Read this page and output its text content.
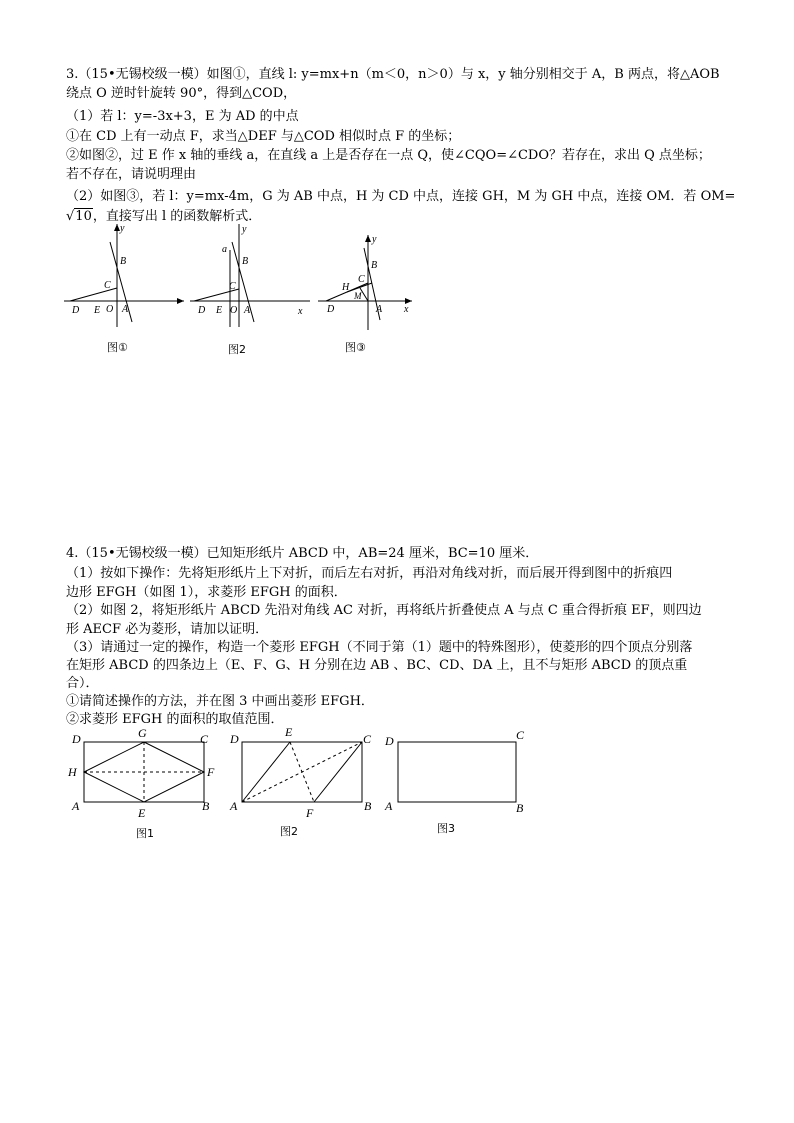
3.（15•无锡校级一模）如图①，直线 l: y=mx+n（m＜0，n＞0）与 x，y 轴分别相交于 A，B 两点，将△AOB
绕点 O 逆时针旋转 90°，得到△COD，
（1）若 l：y=-3x+3，E 为 AD 的中点
①在 CD 上有一动点 F，求当△DEF 与△COD 相似时点 F 的坐标；
②如图②，过 E 作 x 轴的垂线 a，在直线 a 上是否存在一点 Q，使∠CQO=∠CDO？若存在，求出 Q 点坐标；
若不存在，请说明理由
（2）如图③，若 l：y=mx-4m，G 为 AB 中点，H 为 CD 中点，连接 GH，M 为 GH 中点，连接 OM．若 OM=
√10，直接写出 l 的函数解析式．
y
B
C
D E O A
图①
y
a
B
C
D E O A	x
图2
y
B
C
H
M
D	A x
图③
4.（15•无锡校级一模）已知矩形纸片 ABCD 中，AB=24 厘米，BC=10 厘米．
（1）按如下操作：先将矩形纸片上下对折，而后左右对折，再沿对角线对折，而后展开得到图中的折痕四
边形 EFGH（如图 1），求菱形 EFGH 的面积．
（2）如图 2，将矩形纸片 ABCD 先沿对角线 AC 对折，再将纸片折叠使点 A 与点 C 重合得折痕 EF，则四边
形 AECF 必为菱形，请加以证明．
（3）请通过一定的操作，构造一个菱形 EFGH（不同于第（1）题中的特殊图形），使菱形的四个顶点分别落
在矩形 ABCD 的四条边上（E、F、G、H 分别在边 AB 、BC、CD、DA 上，且不与矩形 ABCD 的顶点重
合）．
①请简述操作的方法，并在图 3 中画出菱形 EFGH．
②求菱形 EFGH 的面积的取值范围．
D	G	C
H	F
A	E	B
图1
D	E	C
A	F	B
图2
D	C
A	B
图3
